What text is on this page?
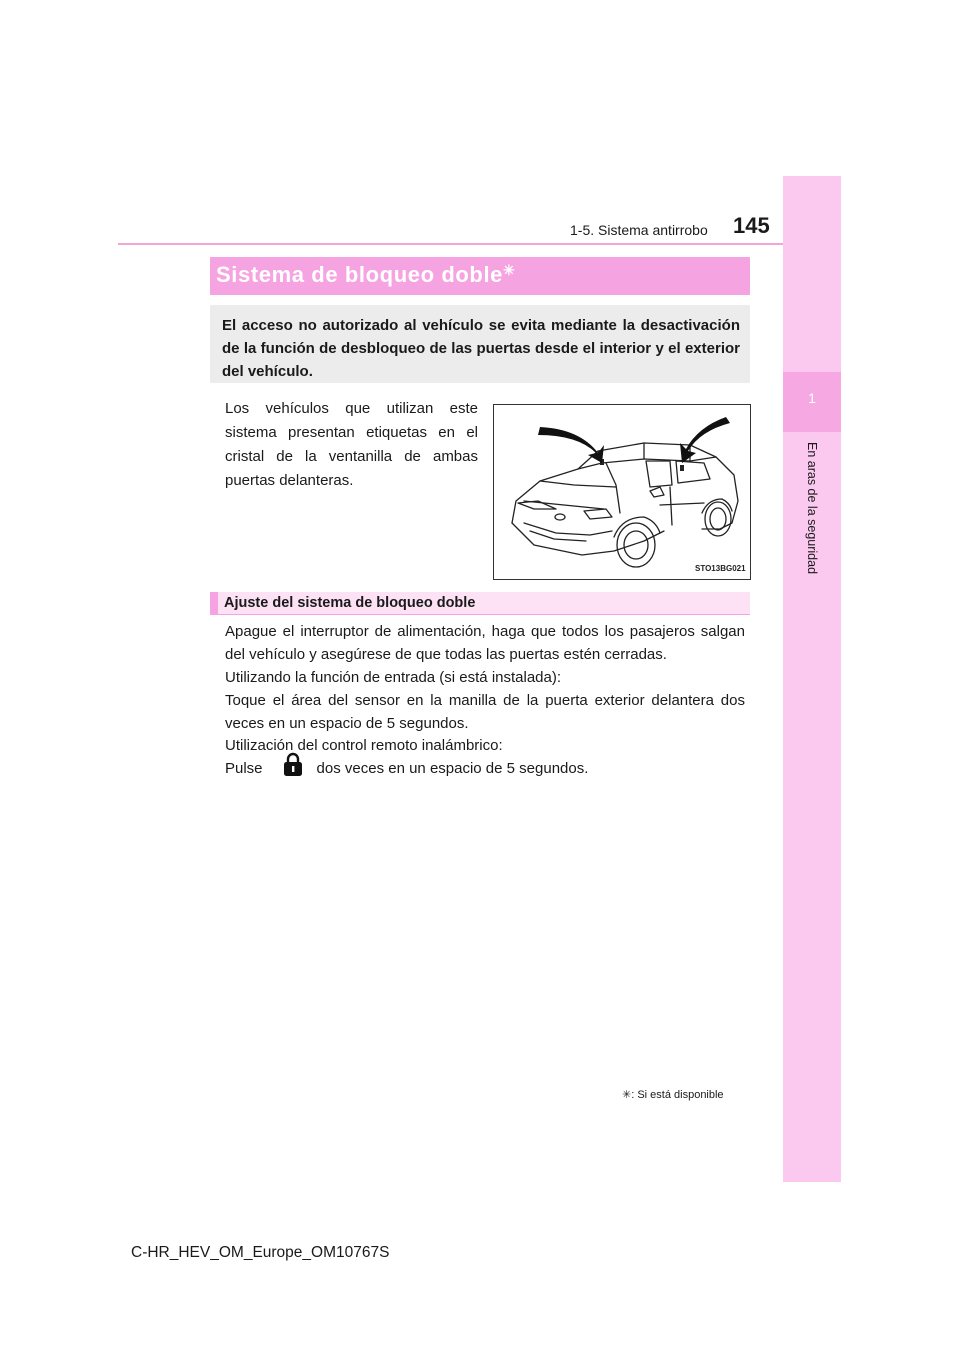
1-5. Sistema antirrobo 145
1
En aras de la seguridad
Sistema de bloqueo doble✳
El acceso no autorizado al vehículo se evita mediante la desactivación de la función de desbloqueo de las puertas desde el interior y el exterior del vehículo.
Los vehículos que utilizan este sistema presentan etiquetas en el cristal de la ventanilla de ambas puertas delanteras.
STO13BG021
Ajuste del sistema de bloqueo doble
Apague el interruptor de alimentación, haga que todos los pasajeros salgan del vehículo y asegúrese de que todas las puertas estén cerradas.
Utilizando la función de entrada (si está instalada):
Toque el área del sensor en la manilla de la puerta exterior delantera dos veces en un espacio de 5 segundos.
Utilización del control remoto inalámbrico:
Pulse	dos veces en un espacio de 5 segundos.
✳: Si está disponible
C-HR_HEV_OM_Europe_OM10767S
